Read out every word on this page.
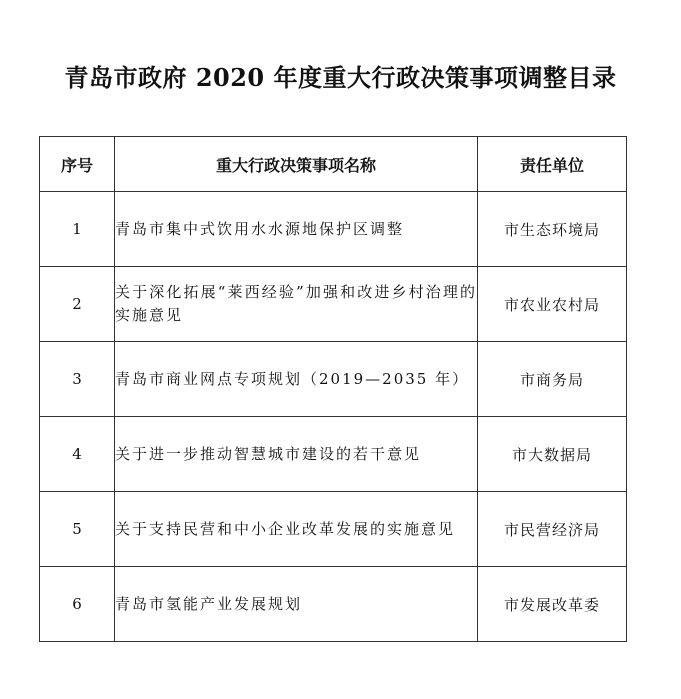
青岛市政府 2020 年度重大行政决策事项调整目录
序号	重大行政决策事项名称	责任单位
1	青岛市集中式饮用水水源地保护区调整	市生态环境局
2	关于深化拓展“莱西经验”加强和改进乡村治理的实施意见	市农业农村局
3	青岛市商业网点专项规划（2019—2035 年）	市商务局
4	关于进一步推动智慧城市建设的若干意见	市大数据局
5	关于支持民营和中小企业改革发展的实施意见	市民营经济局
6	青岛市氢能产业发展规划	市发展改革委
